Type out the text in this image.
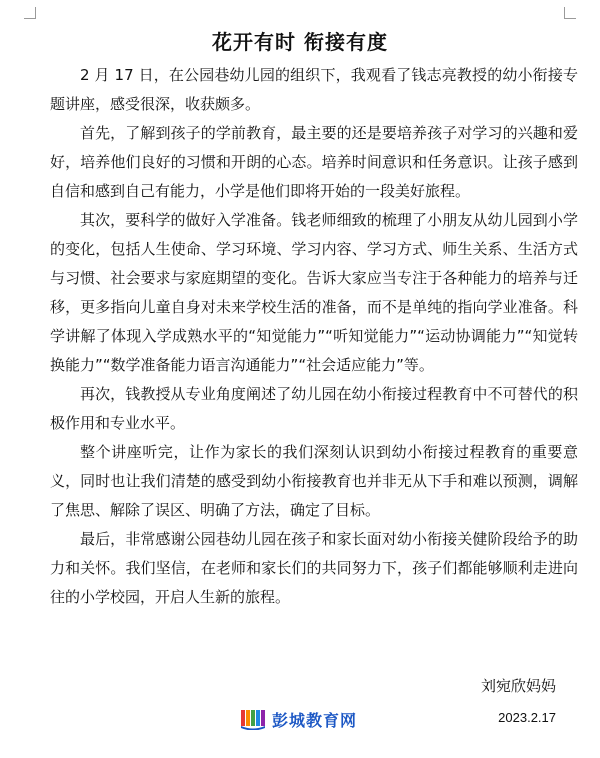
花开有时 衔接有度

2 月 17 日，在公园巷幼儿园的组织下，我观看了钱志亮教授的幼小衔接专题讲座，感受很深，收获颇多。

首先，了解到孩子的学前教育，最主要的还是要培养孩子对学习的兴趣和爱好，培养他们良好的习惯和开朗的心态。培养时间意识和任务意识。让孩子感到自信和感到自己有能力，小学是他们即将开始的一段美好旅程。

其次，要科学的做好入学准备。钱老师细致的梳理了小朋友从幼儿园到小学的变化，包括人生使命、学习环境、学习内容、学习方式、师生关系、生活方式与习惯、社会要求与家庭期望的变化。告诉大家应当专注于各种能力的培养与迁移，更多指向儿童自身对未来学校生活的准备，而不是单纯的指向学业准备。科学讲解了体现入学成熟水平的“知觉能力”“听知觉能力”“运动协调能力”“知觉转换能力”“数学准备能力语言沟通能力”“社会适应能力”等。

再次，钱教授从专业角度阐述了幼儿园在幼小衔接过程教育中不可替代的积极作用和专业水平。

整个讲座听完，让作为家长的我们深刻认识到幼小衔接过程教育的重要意义，同时也让我们清楚的感受到幼小衔接教育也并非无从下手和难以预测，调解了焦思、解除了误区、明确了方法，确定了目标。

最后，非常感谢公园巷幼儿园在孩子和家长面对幼小衔接关健阶段给予的助力和关怀。我们坚信，在老师和家长们的共同努力下，孩子们都能够顺利走进向往的小学校园，开启人生新的旅程。

刘宛欣妈妈
彭城教育网	2023.2.17
